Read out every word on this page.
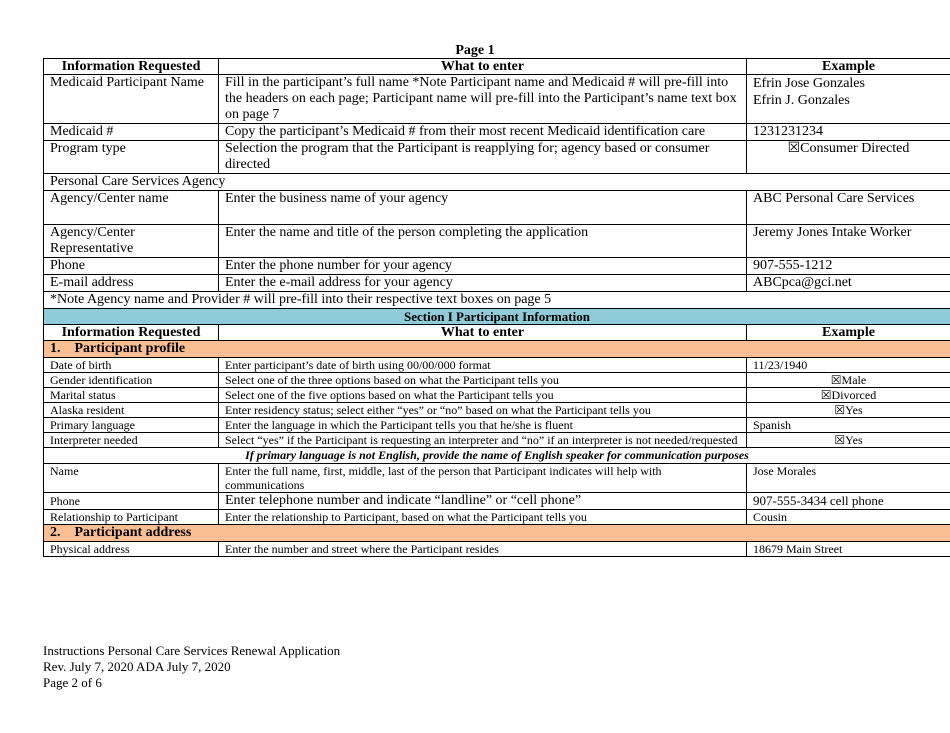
Page 1
Information Requested	What to enter	Example
Medicaid Participant Name	Fill in the participant’s full name *Note Participant name and Medicaid # will pre-fill into the headers on each page; Participant name will pre-fill into the Participant’s name text box on page 7	Efrin Jose Gonzales
Efrin J. Gonzales

Medicaid #	Copy the participant’s Medicaid # from their most recent Medicaid identification care	1231231234
Program type	Selection the program that the Participant is reapplying for; agency based or consumer directed	☒Consumer Directed
Personal Care Services Agency		
Agency/Center name	Enter the business name of your agency	ABC Personal Care Services
Agency/Center Representative	Enter the name and title of the person completing the application	Jeremy Jones Intake Worker
Phone	Enter the phone number for your agency	907-555-1212
E-mail address	Enter the e-mail address for your agency	ABCpca@gci.net
*Note Agency name and Provider # will pre-fill into their respective text boxes on page 5		
Section I Participant Information		
Information Requested	What to enter	Example
1.    Participant profile		
Date of birth	Enter participant’s date of birth using 00/00/000 format	11/23/1940
Gender identification	Select one of the three options based on what the Participant tells you	☒Male
Marital status	Select one of the five options based on what the Participant tells you	☒Divorced
Alaska resident	Enter residency status; select either “yes” or “no” based on what the Participant tells you	☒Yes
Primary language	Enter the language in which the Participant tells you that he/she is fluent	Spanish
Interpreter needed	Select “yes” if the Participant is requesting an interpreter and “no” if an interpreter is not needed/requested	☒Yes
If primary language is not English, provide the name of English speaker for communication purposes		
Name	Enter the full name, first, middle, last of the person that Participant indicates will help with communications	Jose Morales
Phone	Enter telephone number and indicate “landline” or “cell phone”	907-555-3434 cell phone
Relationship to Participant	Enter the relationship to Participant, based on what the Participant tells you	Cousin
2.    Participant address		
Physical address	Enter the number and street where the Participant resides	18679 Main Street
Instructions Personal Care Services Renewal Application
Rev. July 7, 2020 ADA July 7, 2020
Page 2 of 6
